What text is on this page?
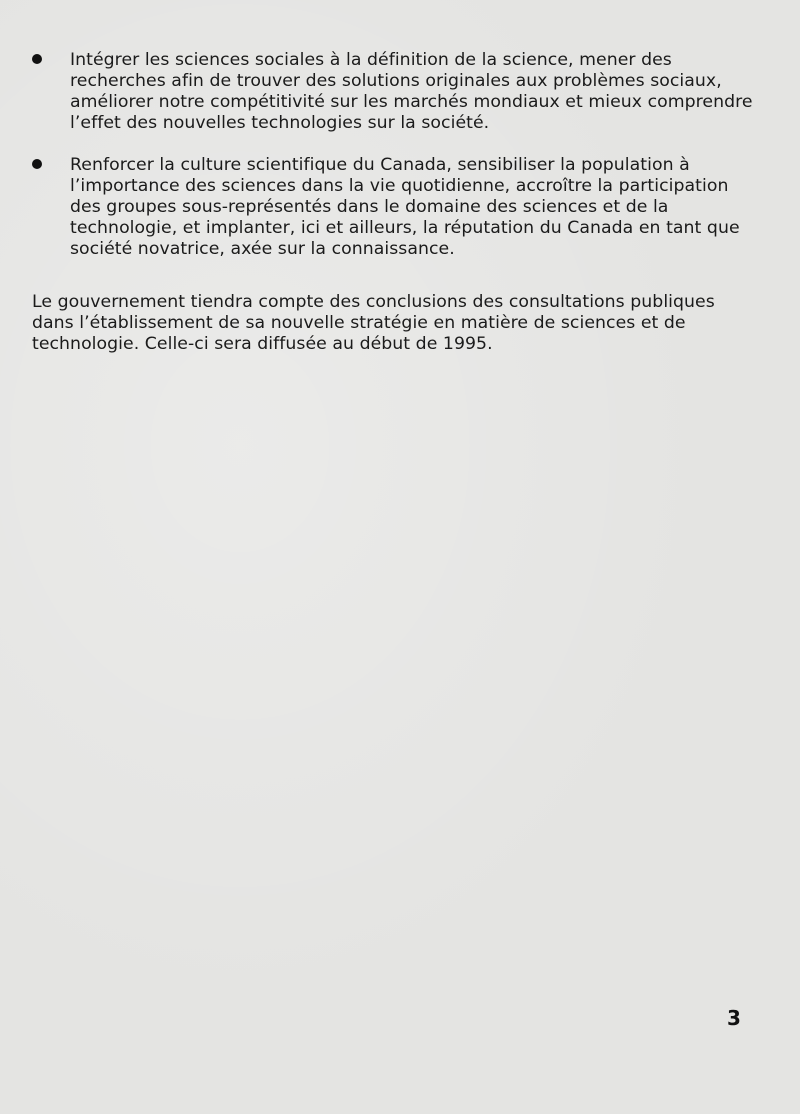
Intégrer les sciences sociales à la définition de la science, mener des recherches afin de trouver des solutions originales aux problèmes sociaux, améliorer notre compétitivité sur les marchés mondiaux et mieux comprendre l’effet des nouvelles technologies sur la société.
Renforcer la culture scientifique du Canada, sensibiliser la population à l’importance des sciences dans la vie quotidienne, accroître la participation des groupes sous-représentés dans le domaine des sciences et de la technologie, et implanter, ici et ailleurs, la réputation du Canada en tant que société novatrice, axée sur la connaissance.

Le gouvernement tiendra compte des conclusions des consultations publiques dans l’établissement de sa nouvelle stratégie en matière de sciences et de technologie. Celle-ci sera diffusée au début de 1995.

3
